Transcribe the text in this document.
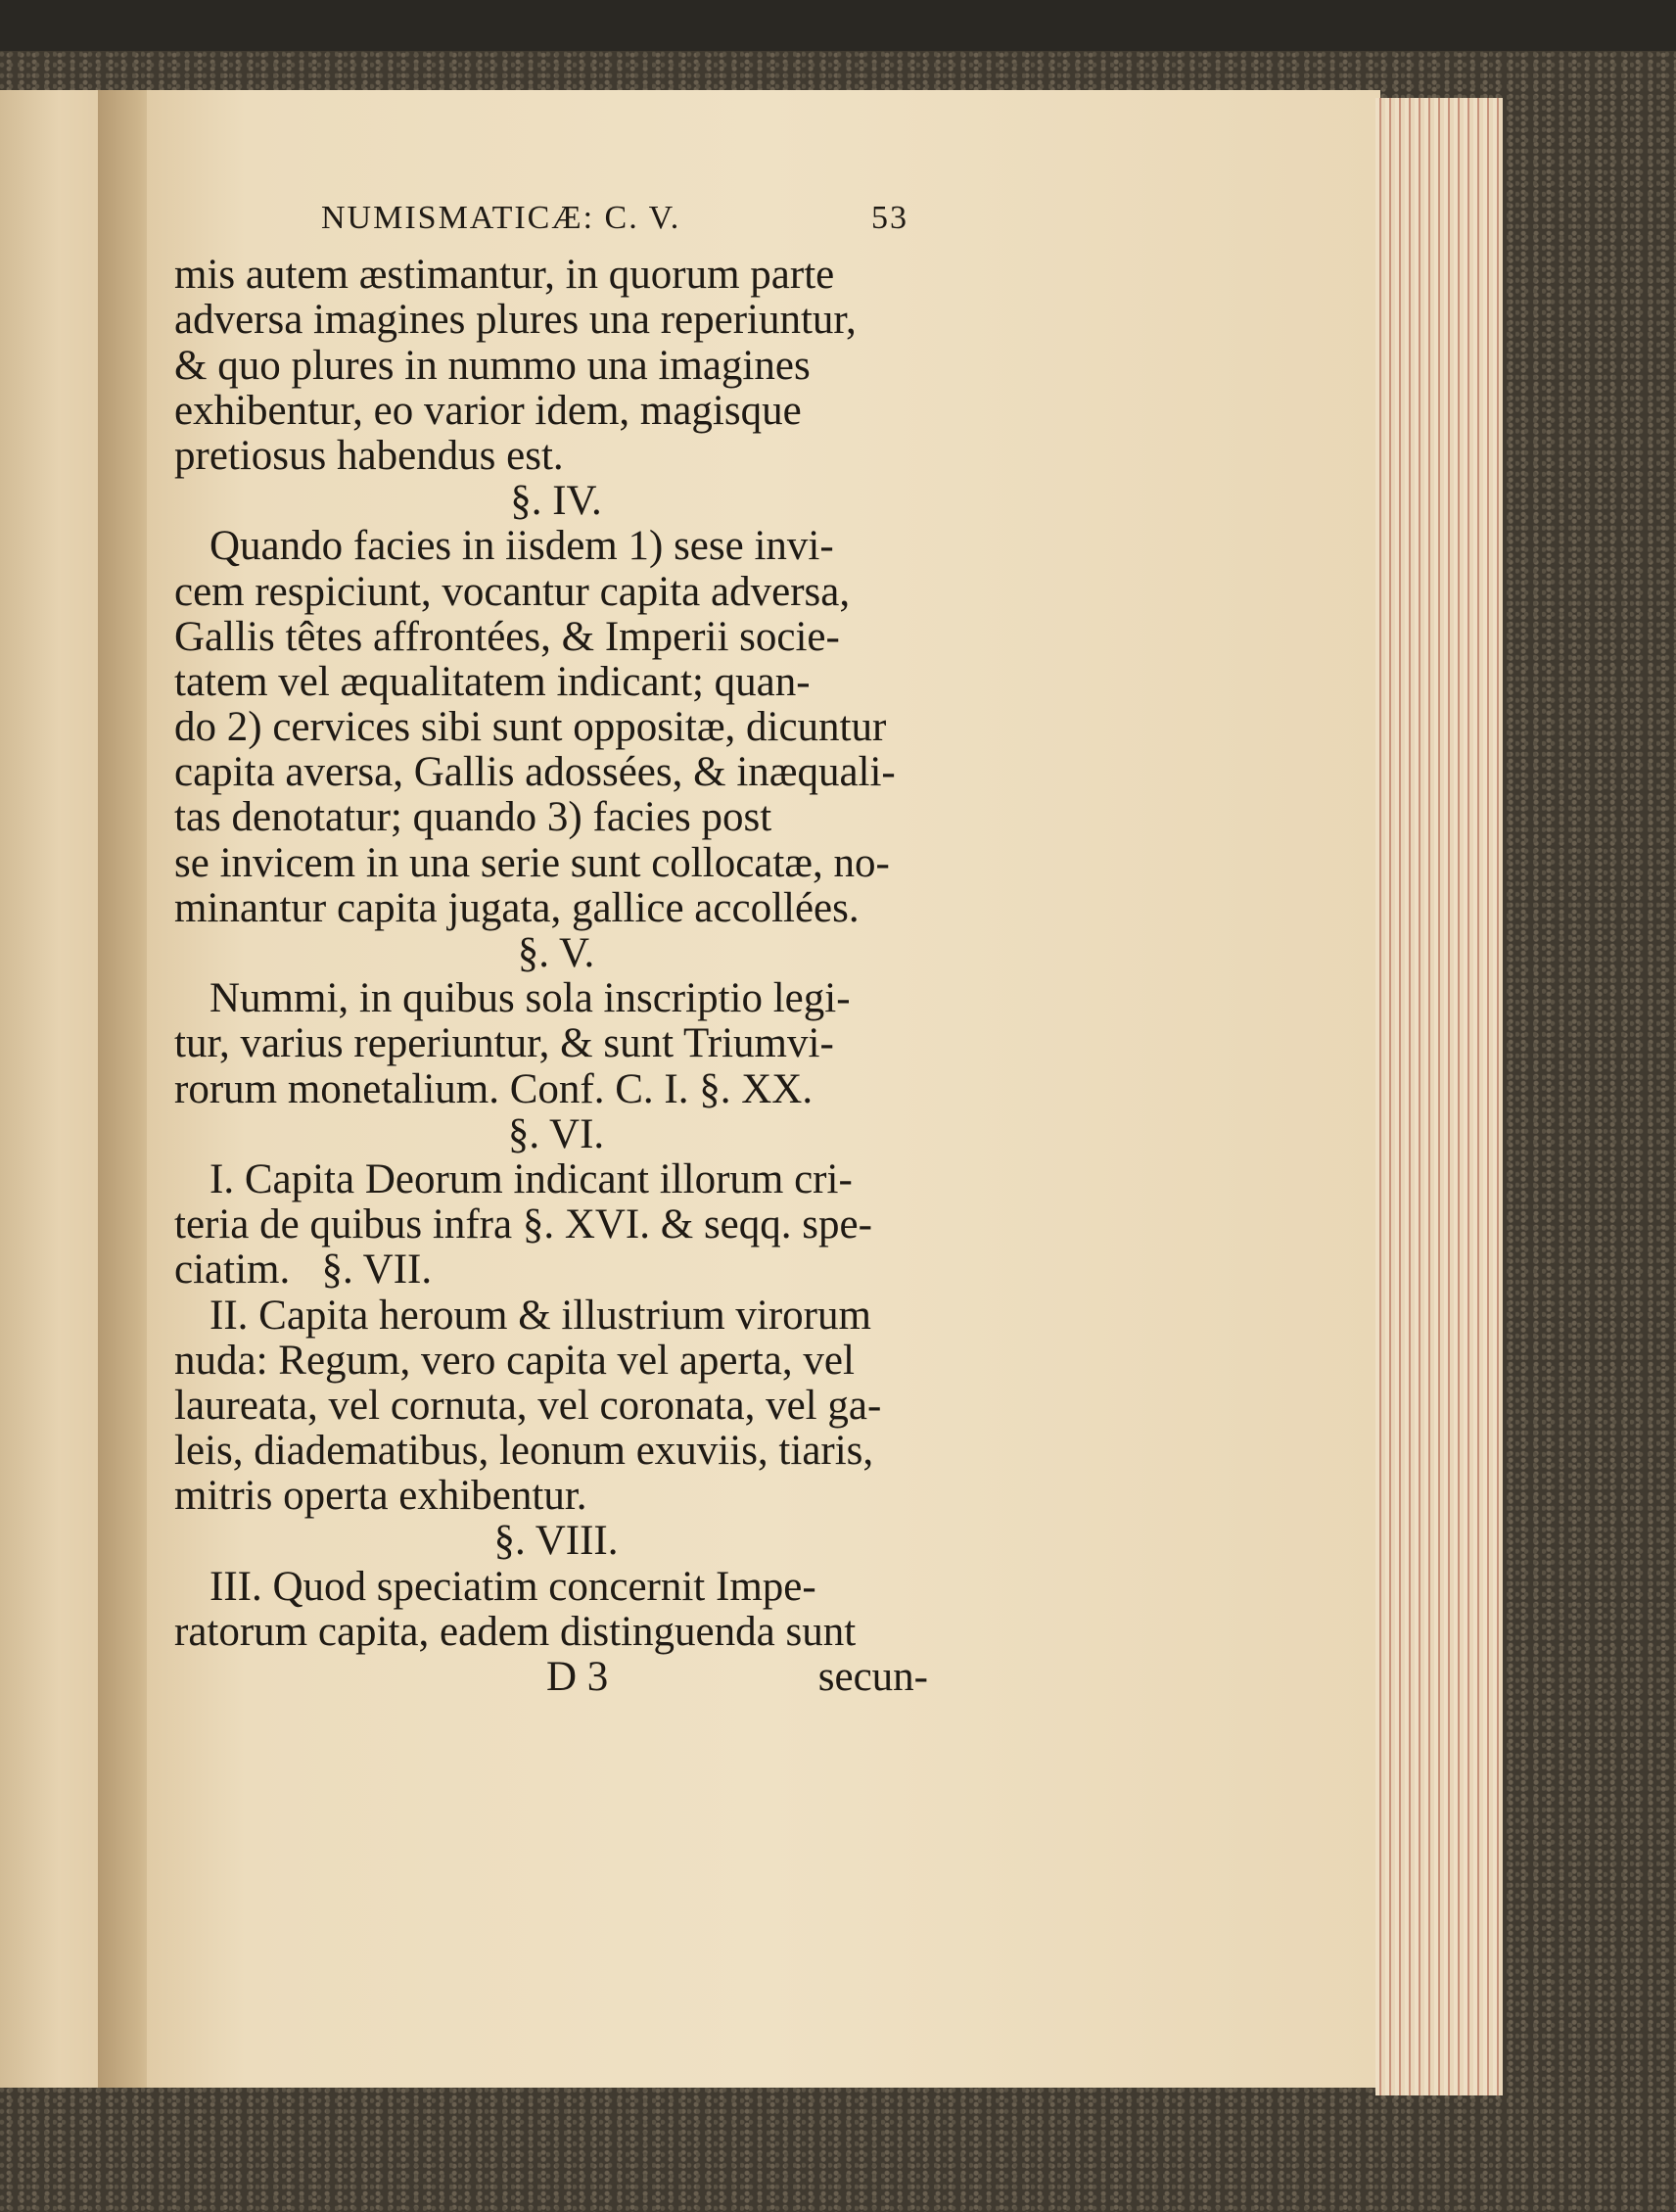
NUMISMATICÆ: C. V.	53
mis autem æstimantur, in quorum parte
adversa imagines plures una reperiuntur,
& quo plures in nummo una imagines
exhibentur, eo varior idem, magisque
pretiosus habendus est.
§. IV.
Quando facies in iisdem 1) sese invi-
cem respiciunt, vocantur capita adversa,
Gallis têtes affrontées, & Imperii socie-
tatem vel æqualitatem indicant; quan-
do 2) cervices sibi sunt oppositæ, dicuntur
capita aversa, Gallis adossées, & inæquali-
tas denotatur; quando 3) facies post
se invicem in una serie sunt collocatæ, no-
minantur capita jugata, gallice accollées.
§. V.
Nummi, in quibus sola inscriptio legi-
tur, varius reperiuntur, & sunt Triumvi-
rorum monetalium. Conf. C. I. §. XX.
§. VI.
I. Capita Deorum indicant illorum cri-
teria de quibus infra §. XVI. & seqq. spe-
ciatim.   §. VII.
II. Capita heroum & illustrium virorum
nuda: Regum, vero capita vel aperta, vel
laureata, vel cornuta, vel coronata, vel ga-
leis, diadematibus, leonum exuviis, tiaris,
mitris operta exhibentur.
§. VIII.
III. Quod speciatim concernit Impe-
ratorum capita, eadem distinguenda sunt
D 3	secun-
